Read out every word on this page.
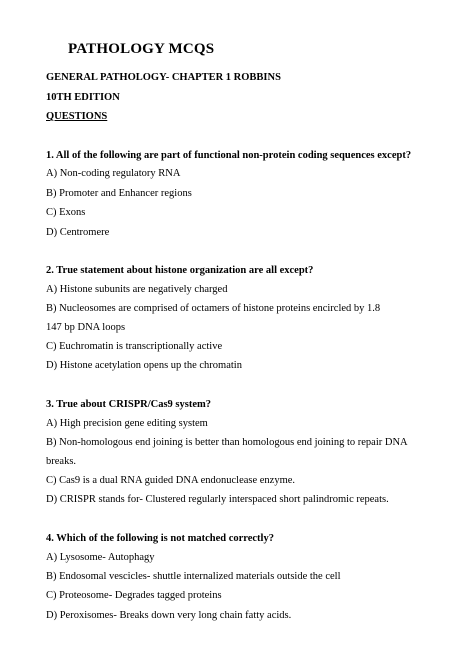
PATHOLOGY MCQS
GENERAL PATHOLOGY- CHAPTER 1 ROBBINS
10TH EDITION
QUESTIONS
1. All of the following are part of functional non-protein coding sequences except?
A) Non-coding regulatory RNA
B) Promoter and Enhancer regions
C) Exons
D) Centromere
2. True statement about histone organization are all except?
A) Histone subunits are negatively charged
B) Nucleosomes are comprised of octamers of histone proteins encircled by 1.8
147 bp DNA loops
C) Euchromatin is transcriptionally active
D) Histone acetylation opens up the chromatin
3. True about CRISPR/Cas9 system?
A) High precision gene editing system
B) Non-homologous end joining is better than homologous end joining to repair DNA
breaks.
C) Cas9 is a dual RNA guided DNA endonuclease enzyme.
D) CRISPR stands for- Clustered regularly interspaced short palindromic repeats.
4. Which of the following is not matched correctly?
A) Lysosome- Autophagy
B) Endosomal vescicles- shuttle internalized materials outside the cell
C) Proteosome- Degrades tagged proteins
D) Peroxisomes- Breaks down very long chain fatty acids.
